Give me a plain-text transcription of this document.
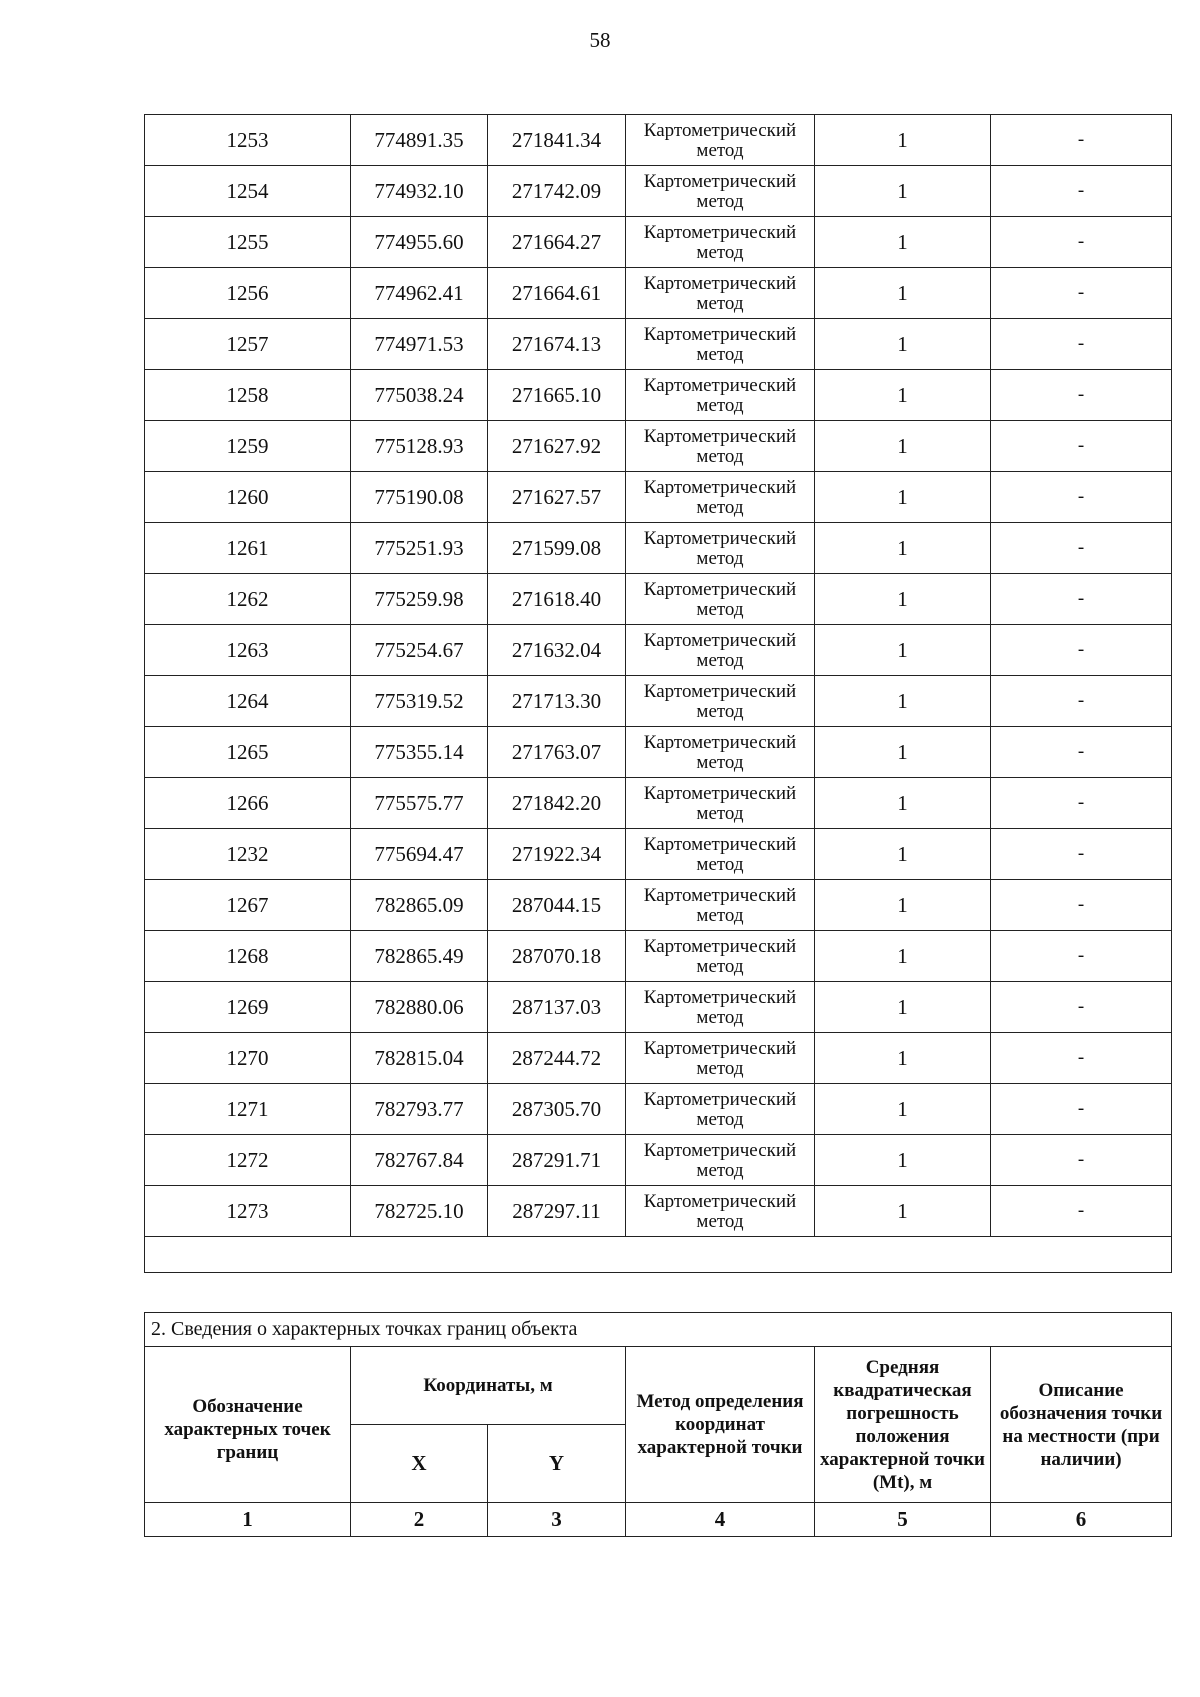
58
1253	774891.35	271841.34	Картометрический метод	1	-
1254	774932.10	271742.09	Картометрический метод	1	-
1255	774955.60	271664.27	Картометрический метод	1	-
1256	774962.41	271664.61	Картометрический метод	1	-
1257	774971.53	271674.13	Картометрический метод	1	-
1258	775038.24	271665.10	Картометрический метод	1	-
1259	775128.93	271627.92	Картометрический метод	1	-
1260	775190.08	271627.57	Картометрический метод	1	-
1261	775251.93	271599.08	Картометрический метод	1	-
1262	775259.98	271618.40	Картометрический метод	1	-
1263	775254.67	271632.04	Картометрический метод	1	-
1264	775319.52	271713.30	Картометрический метод	1	-
1265	775355.14	271763.07	Картометрический метод	1	-
1266	775575.77	271842.20	Картометрический метод	1	-
1232	775694.47	271922.34	Картометрический метод	1	-
1267	782865.09	287044.15	Картометрический метод	1	-
1268	782865.49	287070.18	Картометрический метод	1	-
1269	782880.06	287137.03	Картометрический метод	1	-
1270	782815.04	287244.72	Картометрический метод	1	-
1271	782793.77	287305.70	Картометрический метод	1	-
1272	782767.84	287291.71	Картометрический метод	1	-
1273	782725.10	287297.11	Картометрический метод	1	-

2. Сведения о характерных точках границ объекта					
Обозначение характерных точек границ	Координаты, м		Метод определения координат характерной точки	Средняя квадратическая погрешность положения характерной точки (Mt), м	Описание обозначения точки на местности (при наличии)
	X	Y			
1	2	3	4	5	6
